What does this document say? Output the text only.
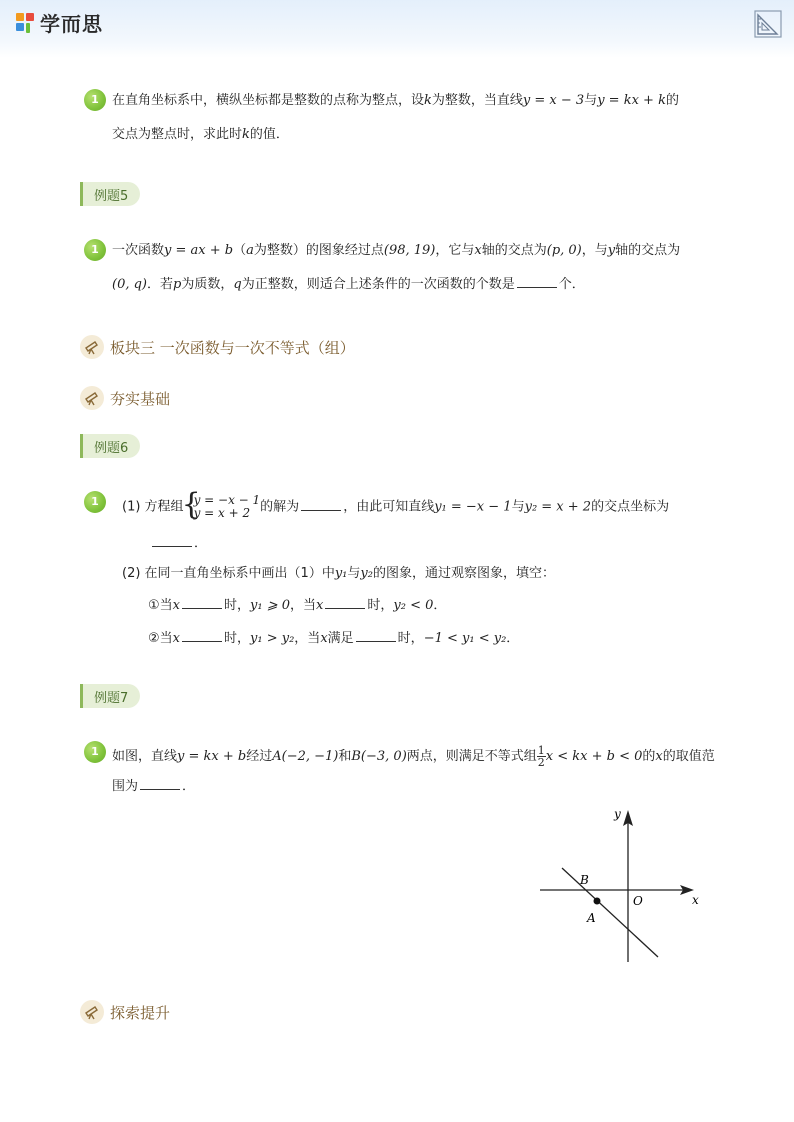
学而思
1	在直角坐标系中，横纵坐标都是整数的点称为整点，设k为整数，当直线y = x − 3与y = kx + k的
交点为整点时，求此时k的值．
例题5
1	一次函数y = ax + b（a为整数）的图象经过点(98, 19)，它与x轴的交点为(p, 0)，与y轴的交点为
(0, q)．若p为质数，q为正整数，则适合上述条件的一次函数的个数是	个．
板块三 一次函数与一次不等式（组）
夯实基础
例题6
1	(1) 方程组
{
y = −x − 1
y = x + 2 的解为	，由此可知直线y₁ = −x − 1与y₂ = x + 2的交点坐标为
．
(2) 在同一直角坐标系中画出（1）中y₁与y₂的图象，通过观察图象，填空：
①当x	时，y₁ ⩾ 0，当x	时，y₂ < 0．
②当x	时，y₁ > y₂，当x满足	时，−1 < y₁ < y₂．
例题7
1	如图，直线y = kx + b经过A(−2, −1)和B(−3, 0)两点，则满足不等式组 $\frac{1}{2}$ x < kx + b < 0的x的取值范
围为	．
y
x
O
B
A
探索提升
